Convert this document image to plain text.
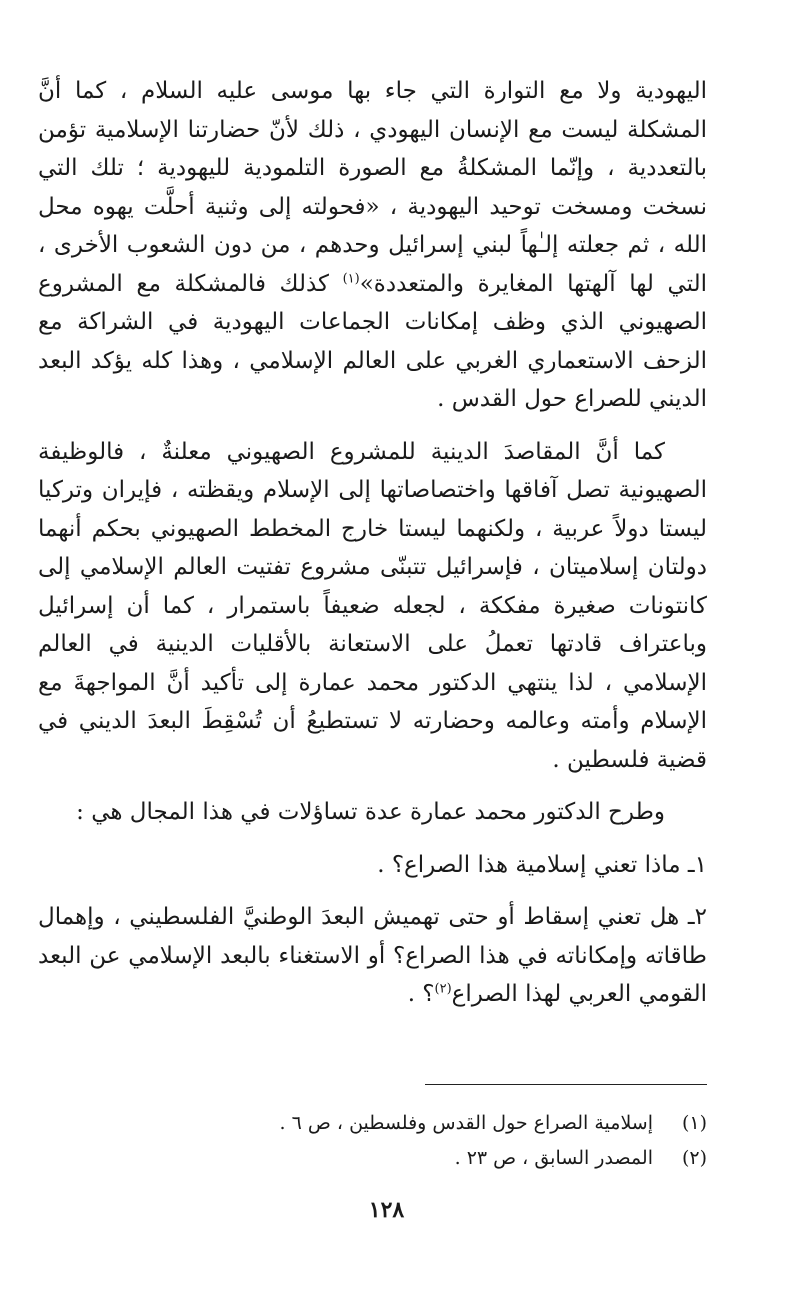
اليهودية ولا مع التوارة التي جاء بها موسى عليه السلام ، كما أنَّ المشكلة ليست مع الإنسان اليهودي ، ذلك لأنّ حضارتنا الإسلامية تؤمن بالتعددية ، وإنّما المشكلةُ مع الصورة التلمودية لليهودية ؛ تلك التي نسخت ومسخت توحيد اليهودية ، «فحولته إلى وثنية أحلَّت يهوه محل الله ، ثم جعلته إلـٰهاً لبني إسرائيل وحدهم ، من دون الشعوب الأخرى ، التي لها آلهتها المغايرة والمتعددة»$^{(١)}$ كذلك فالمشكلة مع المشروع الصهيوني الذي وظف إمكانات الجماعات اليهودية في الشراكة مع الزحف الاستعماري الغربي على العالم الإسلامي ، وهذا كله يؤكد البعد الديني للصراع حول القدس .

كما أنَّ المقاصدَ الدينية للمشروع الصهيوني معلنةٌ ، فالوظيفة الصهيونية تصل آفاقها واختصاصاتها إلى الإسلام ويقظته ، فإيران وتركيا ليستا دولاً عربية ، ولكنهما ليستا خارج المخطط الصهيوني بحكم أنهما دولتان إسلاميتان ، فإسرائيل تتبنّى مشروع تفتيت العالم الإسلامي إلى كانتونات صغيرة مفككة ، لجعله ضعيفاً باستمرار ، كما أن إسرائيل وباعتراف قادتها تعملُ على الاستعانة بالأقليات الدينية في العالم الإسلامي ، لذا ينتهي الدكتور محمد عمارة إلى تأكيد أنَّ المواجهةَ مع الإسلام وأمته وعالمه وحضارته لا تستطيعُ أن تُسْقِطَ البعدَ الديني في قضية فلسطين .

وطرح الدكتور محمد عمارة عدة تساؤلات في هذا المجال هي :

١ـ ماذا تعني إسلامية هذا الصراع؟ .

٢ـ هل تعني إسقاط أو حتى تهميش البعدَ الوطنيَّ الفلسطيني ، وإهمال طاقاته وإمكاناته في هذا الصراع؟ أو الاستغناء بالبعد الإسلامي عن البعد القومي العربي لهذا الصراع$^{(٢)}$؟ .

(١)
إسلامية الصراع حول القدس وفلسطين ، ص ٦ .
(٢)
المصدر السابق ، ص ٢٣ .
١٢٨
